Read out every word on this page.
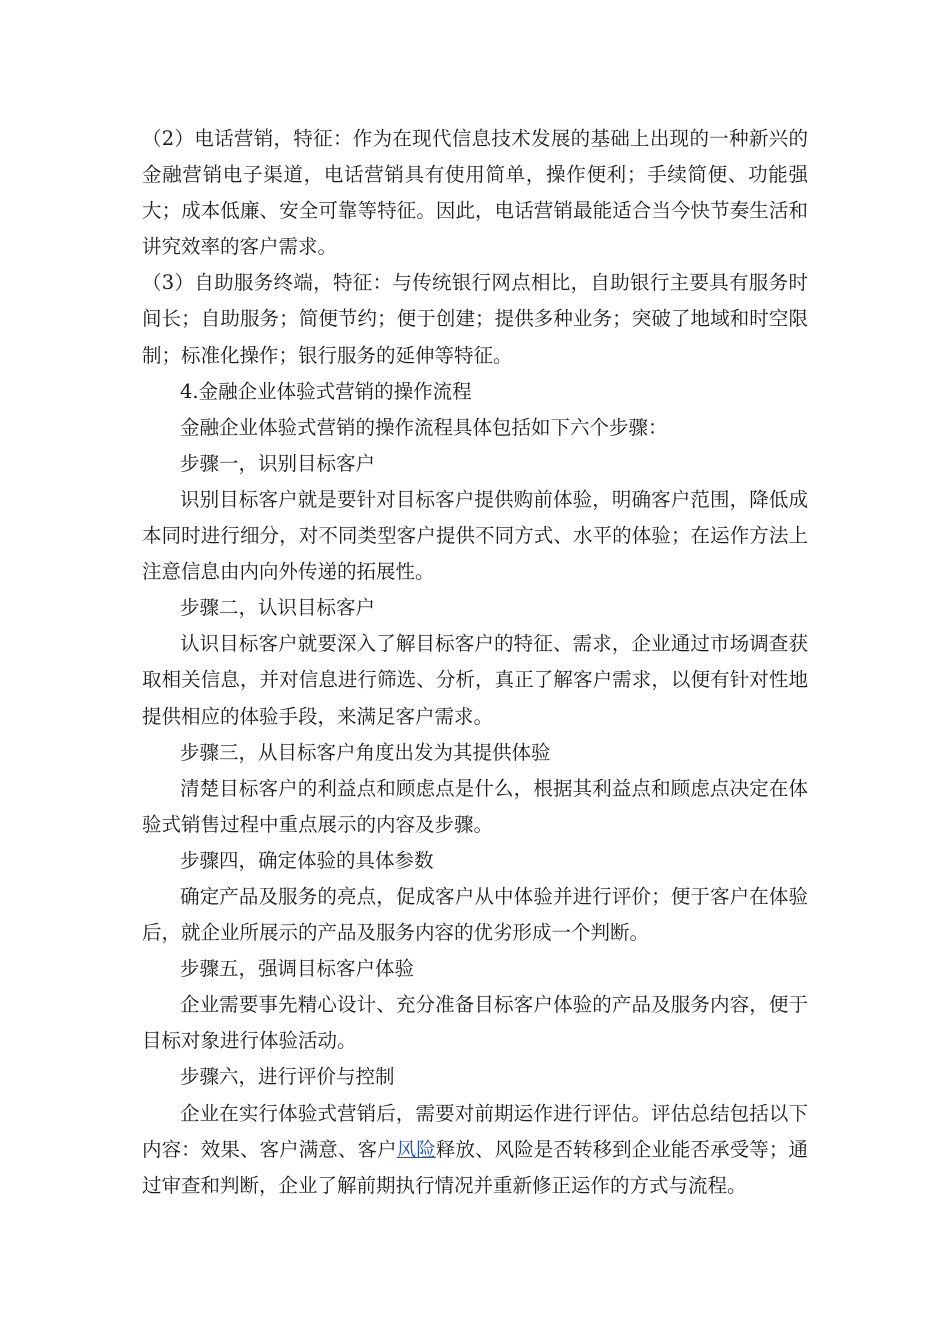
（2）电话营销，特征：作为在现代信息技术发展的基础上出现的一种新兴的金融营销电子渠道，电话营销具有使用简单，操作便利；手续简便、功能强大；成本低廉、安全可靠等特征。因此，电话营销最能适合当今快节奏生活和讲究效率的客户需求。

（3）自助服务终端，特征：与传统银行网点相比，自助银行主要具有服务时间长；自助服务；简便节约；便于创建；提供多种业务；突破了地域和时空限制；标准化操作；银行服务的延伸等特征。

4.金融企业体验式营销的操作流程

金融企业体验式营销的操作流程具体包括如下六个步骤：

步骤一，识别目标客户

识别目标客户就是要针对目标客户提供购前体验，明确客户范围，降低成本同时进行细分，对不同类型客户提供不同方式、水平的体验；在运作方法上注意信息由内向外传递的拓展性。

步骤二，认识目标客户

认识目标客户就要深入了解目标客户的特征、需求，企业通过市场调查获取相关信息，并对信息进行筛选、分析，真正了解客户需求，以便有针对性地提供相应的体验手段，来满足客户需求。

步骤三，从目标客户角度出发为其提供体验

清楚目标客户的利益点和顾虑点是什么，根据其利益点和顾虑点决定在体验式销售过程中重点展示的内容及步骤。

步骤四，确定体验的具体参数

确定产品及服务的亮点，促成客户从中体验并进行评价；便于客户在体验后，就企业所展示的产品及服务内容的优劣形成一个判断。

步骤五，强调目标客户体验

企业需要事先精心设计、充分准备目标客户体验的产品及服务内容，便于目标对象进行体验活动。

步骤六，进行评价与控制

企业在实行体验式营销后，需要对前期运作进行评估。评估总结包括以下内容：效果、客户满意、客户风险释放、风险是否转移到企业能否承受等；通过审查和判断，企业了解前期执行情况并重新修正运作的方式与流程。
